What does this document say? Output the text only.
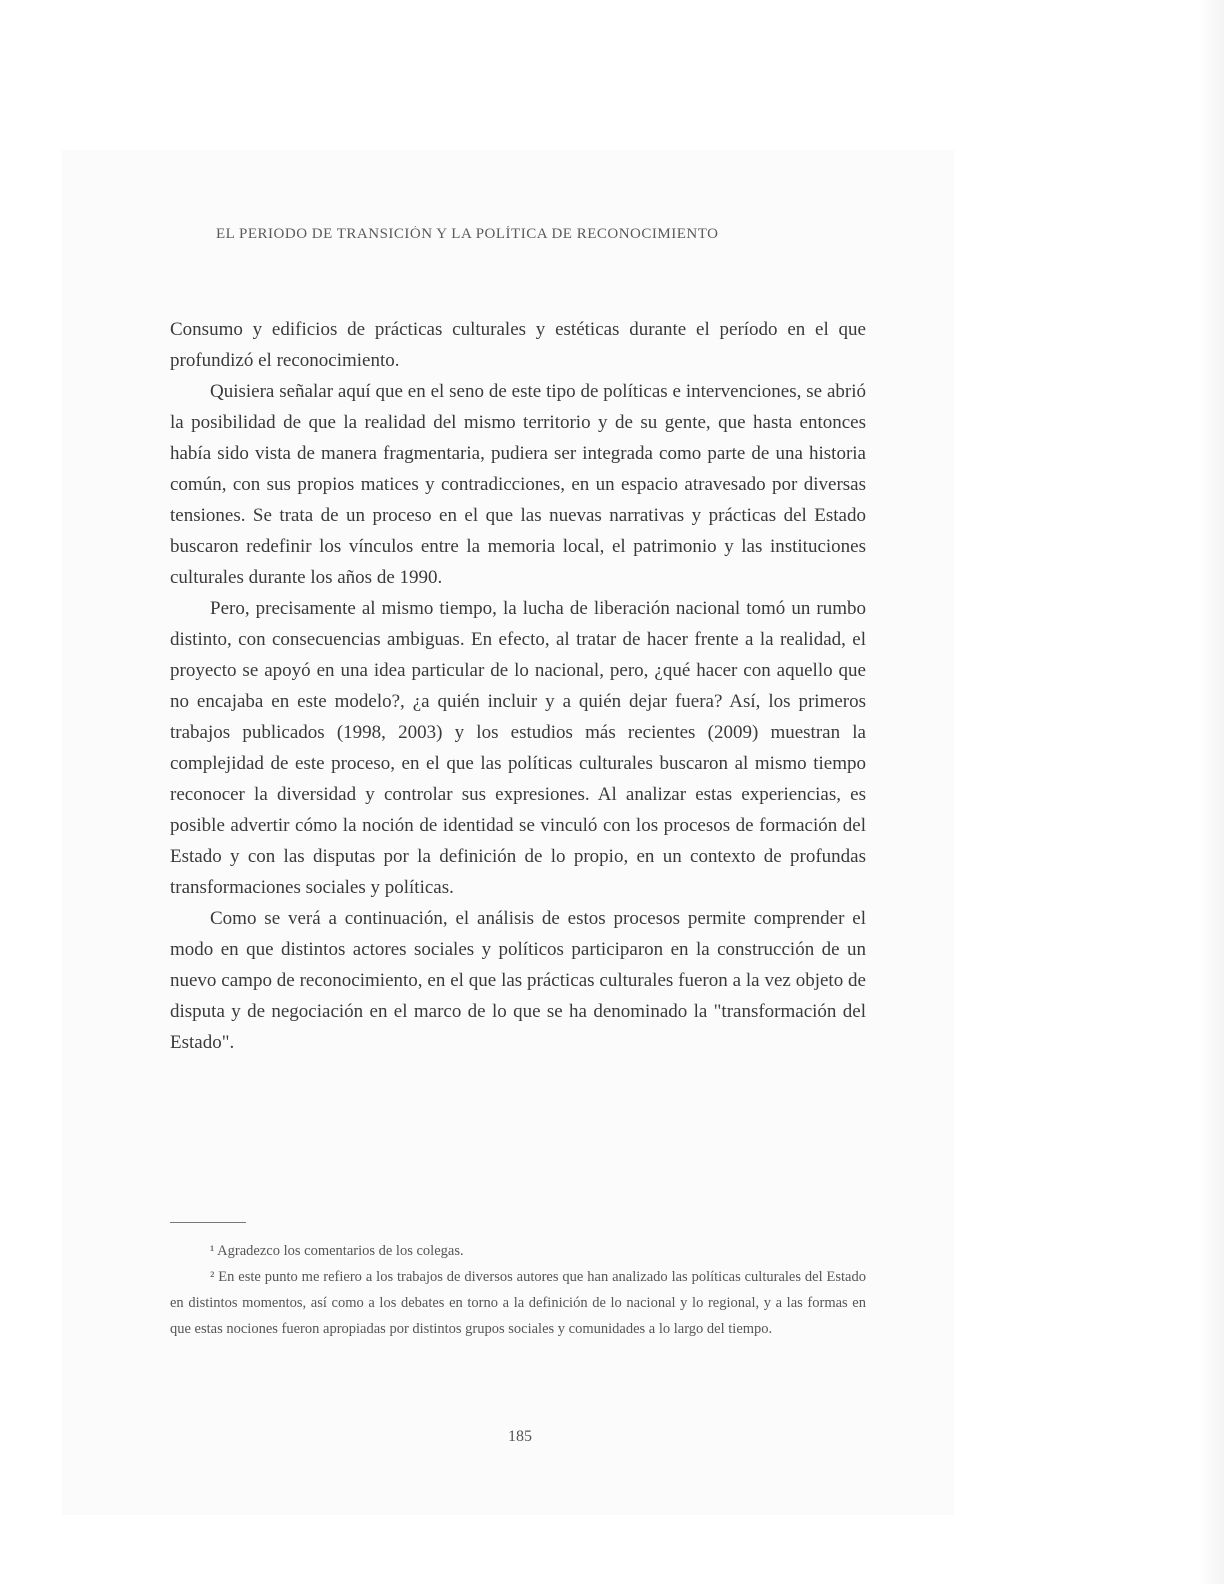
EL PERIODO DE TRANSICIÓN Y LA POLÍTICA DE RECONOCIMIENTO

Consumo y edificios de prácticas culturales y estéticas durante el período en el que profundizó el reconocimiento.

Quisiera señalar aquí que en el seno de este tipo de políticas e intervenciones, se abrió la posibilidad de que la realidad del mismo territorio y de su gente, que hasta entonces había sido vista de manera fragmentaria, pudiera ser integrada como parte de una historia común, con sus propios matices y contradicciones, en un espacio atravesado por diversas tensiones. Se trata de un proceso en el que las nuevas narrativas y prácticas del Estado buscaron redefinir los vínculos entre la memoria local, el patrimonio y las instituciones culturales durante los años de 1990.

Pero, precisamente al mismo tiempo, la lucha de liberación nacional tomó un rumbo distinto, con consecuencias ambiguas. En efecto, al tratar de hacer frente a la realidad, el proyecto se apoyó en una idea particular de lo nacional, pero, ¿qué hacer con aquello que no encajaba en este modelo?, ¿a quién incluir y a quién dejar fuera? Así, los primeros trabajos publicados (1998, 2003) y los estudios más recientes (2009) muestran la complejidad de este proceso, en el que las políticas culturales buscaron al mismo tiempo reconocer la diversidad y controlar sus expresiones. Al analizar estas experiencias, es posible advertir cómo la noción de identidad se vinculó con los procesos de formación del Estado y con las disputas por la definición de lo propio, en un contexto de profundas transformaciones sociales y políticas.

Como se verá a continuación, el análisis de estos procesos permite comprender el modo en que distintos actores sociales y políticos participaron en la construcción de un nuevo campo de reconocimiento, en el que las prácticas culturales fueron a la vez objeto de disputa y de negociación en el marco de lo que se ha denominado la "transformación del Estado".

¹ Agradezco los comentarios de los colegas.

² En este punto me refiero a los trabajos de diversos autores que han analizado las políticas culturales del Estado en distintos momentos, así como a los debates en torno a la definición de lo nacional y lo regional, y a las formas en que estas nociones fueron apropiadas por distintos grupos sociales y comunidades a lo largo del tiempo.

185
